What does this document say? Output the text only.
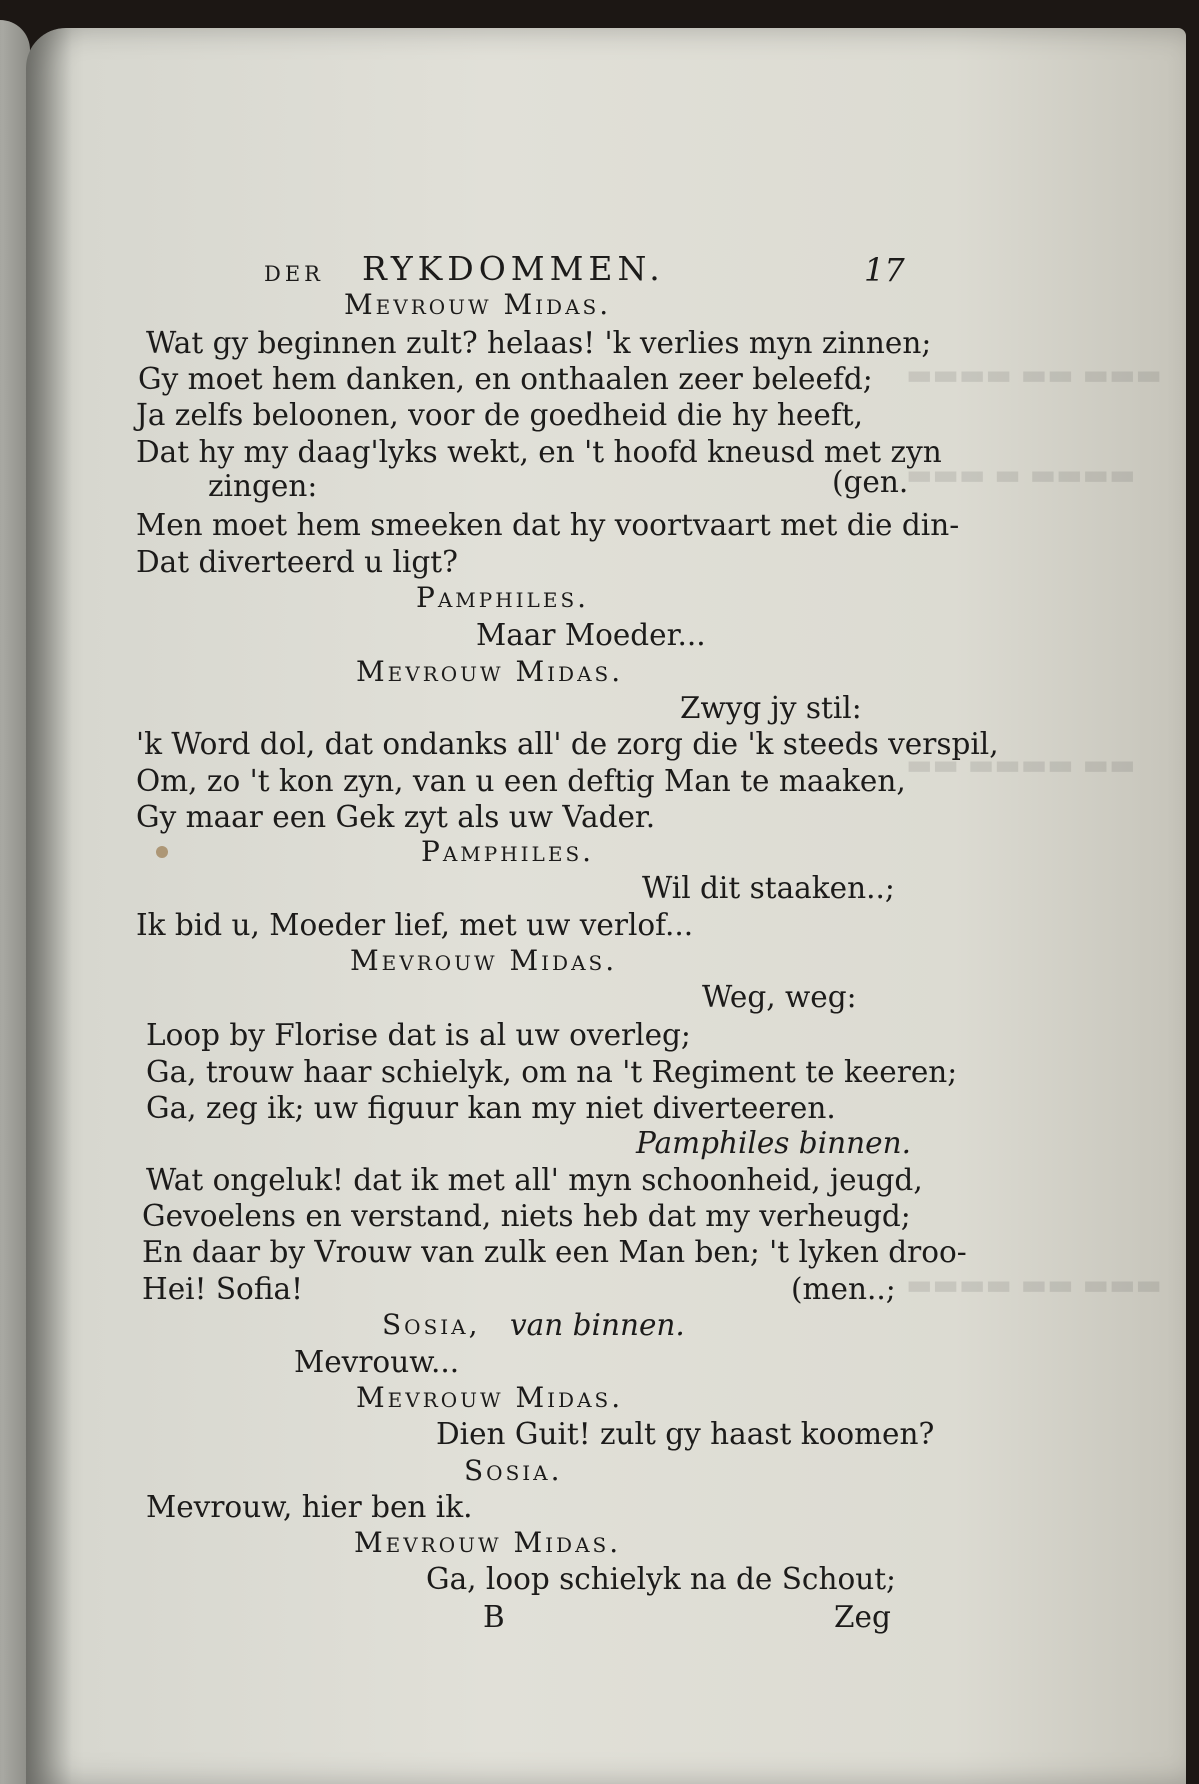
▬▬▬ ▬▬ ▬▬▬▬
▬▬▬▬ ▬ ▬▬▬
▬▬ ▬▬▬▬ ▬▬
▬▬▬ ▬▬ ▬▬▬▬
DER RYKDOMMEN.	17
Mevrouw Midas.
Wat gy beginnen zult? helaas! 'k verlies myn zinnen;
Gy moet hem danken, en onthaalen zeer beleefd;
Ja zelfs beloonen, voor de goedheid die hy heeft,
Dat hy my daag'lyks wekt, en 't hoofd kneusd met zyn
zingen:	(gen.
Men moet hem smeeken dat hy voortvaart met die din-
Dat diverteerd u ligt?
Pamphiles.
Maar Moeder...
Mevrouw Midas.
Zwyg jy stil:
'k Word dol, dat ondanks all' de zorg die 'k steeds verspil,
Om, zo 't kon zyn, van u een deftig Man te maaken,
Gy maar een Gek zyt als uw Vader.
Pamphiles.
Wil dit staaken..;
Ik bid u, Moeder lief, met uw verlof...
Mevrouw Midas.
Weg, weg:
Loop by Florise dat is al uw overleg;
Ga, trouw haar schielyk, om na 't Regiment te keeren;
Ga, zeg ik; uw figuur kan my niet diverteeren.
Pamphiles binnen.
Wat ongeluk! dat ik met all' myn schoonheid, jeugd,
Gevoelens en verstand, niets heb dat my verheugd;
En daar by Vrouw van zulk een Man ben; 't lyken droo-
Hei! Sofia!	(men..;
Sosia, van binnen.
Mevrouw...
Mevrouw Midas.
Dien Guit! zult gy haast koomen?
Sosia.
Mevrouw, hier ben ik.
Mevrouw Midas.
Ga, loop schielyk na de Schout;
B	Zeg
